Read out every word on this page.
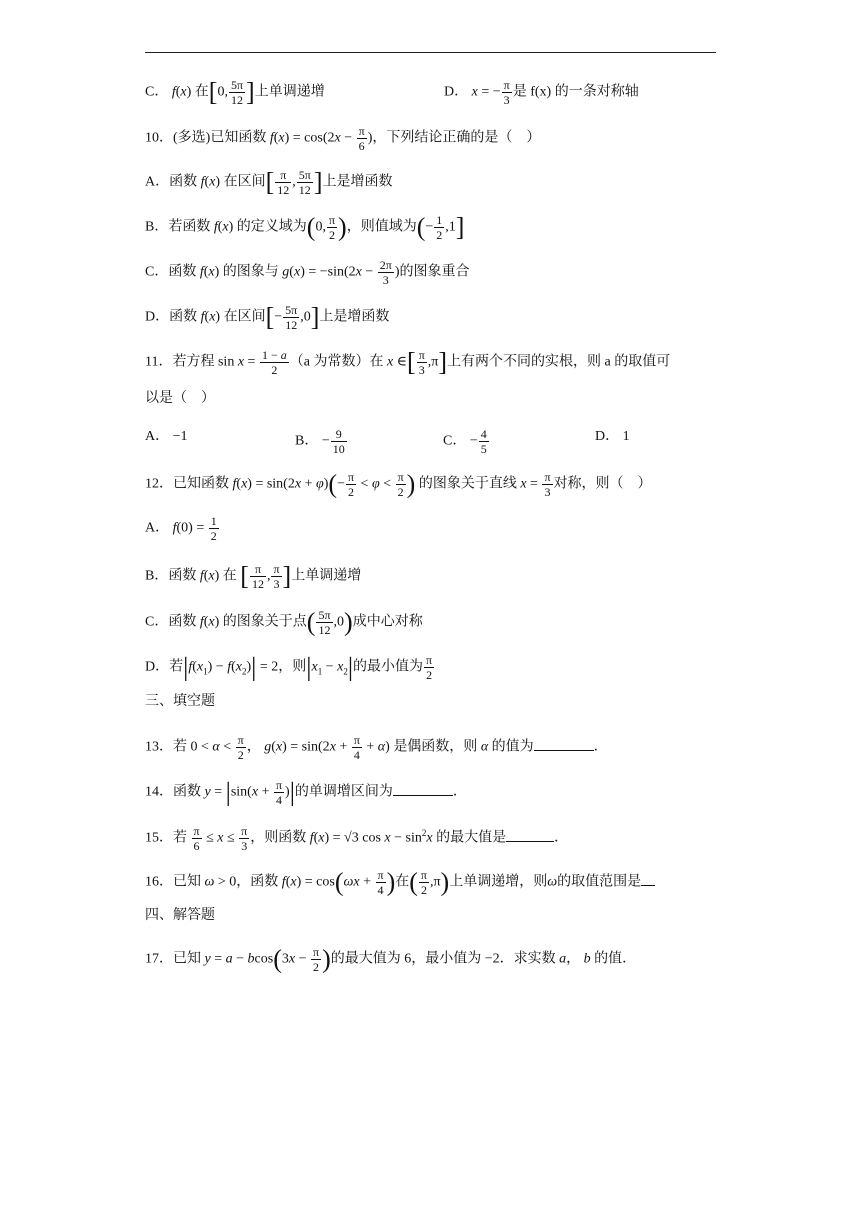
C． f(x) 在[0, $\frac{5\pi}{12}$ ]上单调递增	D． x = − $\frac{\pi}{3}$ 是 f(x) 的一条对称轴
10．(多选)已知函数 $f(x) = \cos(2x - \frac{\pi}{6}$ )，下列结论正确的是（　）
A．函数 f(x) 在区间[ $\frac{\pi}{12}$ , $\frac{5\pi}{12}$ ]上是增函数
B．若函数 f(x) 的定义域为(0, $\frac{\pi}{2}$ )，则值域为(− $\frac{1}{2} ,1$]
C．函数 f(x) 的图象与 $g(x) = -\sin(2x - \frac{2\pi}{3}$ )的图象重合
D．函数 f(x) 在区间[− $\frac{5\pi}{12} ,0$]上是增函数
11．若方程 $\sin x = \frac{1 - a}{2} (a$ 为常数）在 x ∈[ $\frac{\pi}{3} ,\pi$]上有两个不同的实根，则 a 的取值可
以是（　）
A． −1	B． − $\frac{9}{10}$	C． − $\frac{4}{5}$	D． 1
12．已知函数 $f(x) = \sin(2x + \varphi)(- \frac{\pi}{2} < \varphi < \frac{\pi}{2}$ ) 的图象关于直线 $x = \frac{\pi}{3}$ 对称，则（　）
A． $f(0) = \frac{1}{2}$
B．函数 f(x) 在 [ $\frac{\pi}{12}$ , $\frac{\pi}{3}$ ]上单调递增
C．函数 f(x) 的图象关于点( $\frac{5\pi}{12} ,0$)成中心对称
D．若$|f(x_1) - f(x_2)| = 2$，则$|x_1 - x_2|$的最小值为 $\frac{\pi}{2}$
三、填空题
13．若 $0 < \alpha < \frac{\pi}{2}$ ， $g(x) = \sin(2x + \frac{\pi}{4} + \alpha)$ 是偶函数，则 α 的值为	．
14．函数 $y = |\sin(x + \frac{\pi}{4}$ )|的单调增区间为	．
15．若 $\frac{\pi}{6} \le x \le \frac{\pi}{3}$ ，则函数 f(x) = √3 $\cos x - \sin^2x$ 的最大值是	．
16．已知 ω > 0，函数 $f(x) = \cos(\omega x + \frac{\pi}{4}$ )在( $\frac{\pi}{2} ,\pi$)上单调递增，则ω的取值范围是
四、解答题
17．已知 $y = a - bcos(3x - \frac{\pi}{2}$ )的最大值为 6，最小值为 −2．求实数 a， b 的值．
